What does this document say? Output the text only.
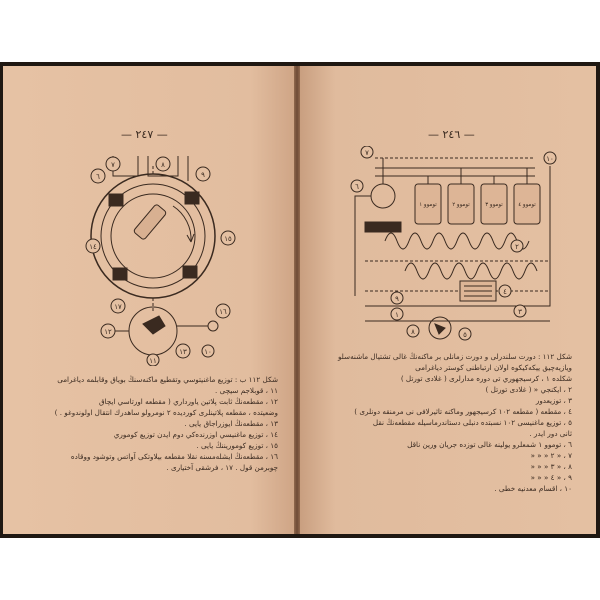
— ٢٤٧ —
٧	٨
٩
٦
١٥
١٤
١٧
١٦
١٢
١٣
١١
١٠
شكل ١١٢ ب : توزيع ماغنيتوسي وتقطيع ماكنه‌سنڭ بوياق وقابلمه دياغرامى
١١ ، قوبلاجم سيچى .
١٢ ، مقطعه‌نڭ ثابت پلاتين ياورداري ( مقطعه اورتاسي ايچاق
وضعيتده ، مقطعه پلاتينلرى كورديده ٢ نومرولو ساهدرك انتقال اولوندوغو . )
١٣ ، مقطعه‌نڭ ايوزراجاق يايى .
١٤ ، توزيع ماغنيسي اوزرنده‌كي دوم ايدن توزيع كوموري
١٥ ، توزيع كوموريننڭ يايى .
١٦ ، مقطعه‌نڭ ايشله‌مسنه نقلا مقطعه بيلاوتكى آواتس وتوشود ووقاده
چوبرمن قول . ١٧ ، فرشقى آختيارى .
— ٢٤٦ —
٧
٦
١٠
٢
٩
١
٤
٣
٨	٥
توموو ١	توموو ٢	توموو ٣	توموو ٤
شكل ١١٢ : دورت سلندرلى و دورت زمانلى بر ماكنه‌نڭ غالى تشتيال ماشنه‌سلو
ويازيه‌چيق ييكه‌كيكوه اولان ارتباطنى كوستر دياغرامى
شكلده ١ ، كرسيجهوري تى دوره مدارلرى ( غلادى تورتل )
٢ ، ايكنجي « ( غلادى تورتل )
٣ ، توزيعدور
٤ ، مقطعه ( مقطعه ١٠٢ كرسيجهور وماكنه تاثيرلافى نى مرمنقه دونلرى )
٥ ، توزيع ماغنيسى ١٠٢ نسبتده دنبلى دستاندرماسيله مقطعه‌نڭ نقل
ثانى دور ايدر .
٦ ، توموو ١ شمعلرو يولينه غالى توزده جريان ورين ناقل
٧ ، « ٢ « « «
٨ ، « ٣ « « «
٩ ، « ٤ « « «
١٠ ، اقسام معدنيه خطى .
